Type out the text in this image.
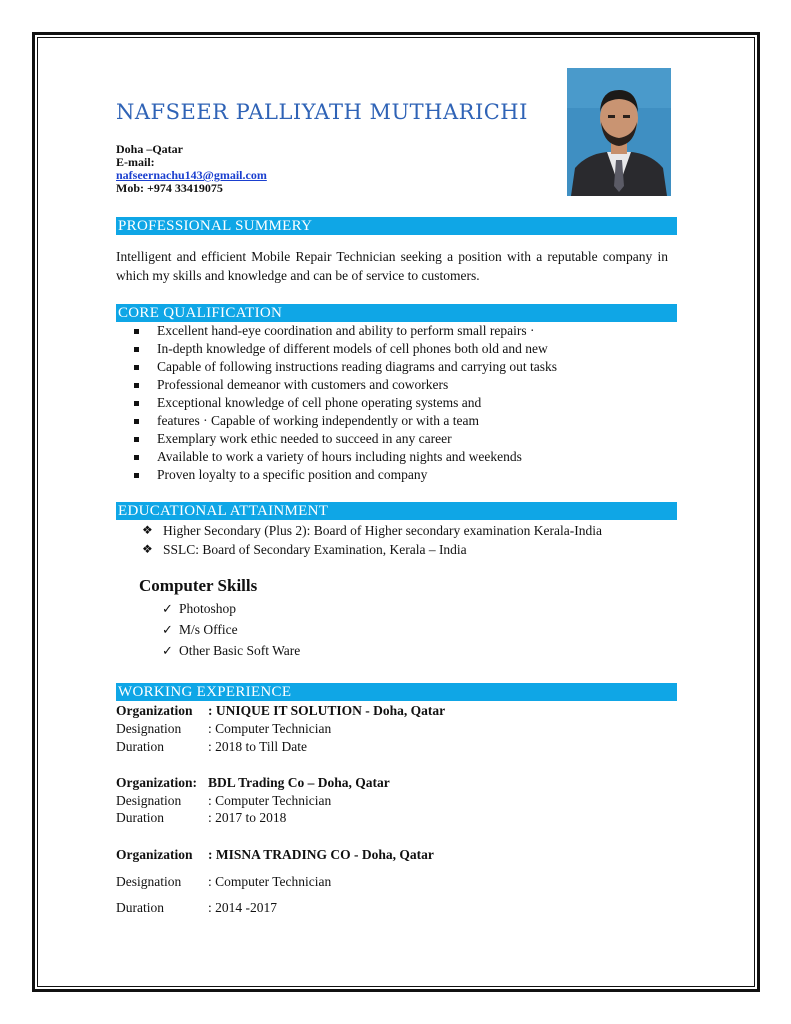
NAFSEER PALLIYATH MUTHARICHI
Doha –Qatar
E-mail:
nafseernachu143@gmail.com
Mob: +974 33419075
PROFESSIONAL SUMMERY
Intelligent and efficient Mobile Repair Technician seeking a position with a reputable company in which my skills and knowledge and can be of service to customers.
CORE QUALIFICATION
Excellent hand-eye coordination and ability to perform small repairs ·
In-depth knowledge of different models of cell phones both old and new
Capable of following instructions reading diagrams and carrying out tasks
Professional demeanor with customers and coworkers
Exceptional knowledge of cell phone operating systems and
features · Capable of working independently or with a team
Exemplary work ethic needed to succeed in any career
Available to work a variety of hours including nights and weekends
Proven loyalty to a specific position and company
EDUCATIONAL ATTAINMENT
❖ Higher Secondary (Plus 2): Board of Higher secondary examination Kerala-India
❖ SSLC: Board of Secondary Examination, Kerala – India
Computer Skills
✓ Photoshop
✓ M/s Office
✓ Other Basic Soft Ware
WORKING EXPERIENCE
Organization : UNIQUE IT SOLUTION - Doha, Qatar
Designation : Computer Technician
Duration	: 2018 to Till Date
Organization: BDL Trading Co – Doha, Qatar
Designation : Computer Technician
Duration	: 2017 to 2018
Organization : MISNA TRADING CO - Doha, Qatar
Designation : Computer Technician
Duration	: 2014 -2017
